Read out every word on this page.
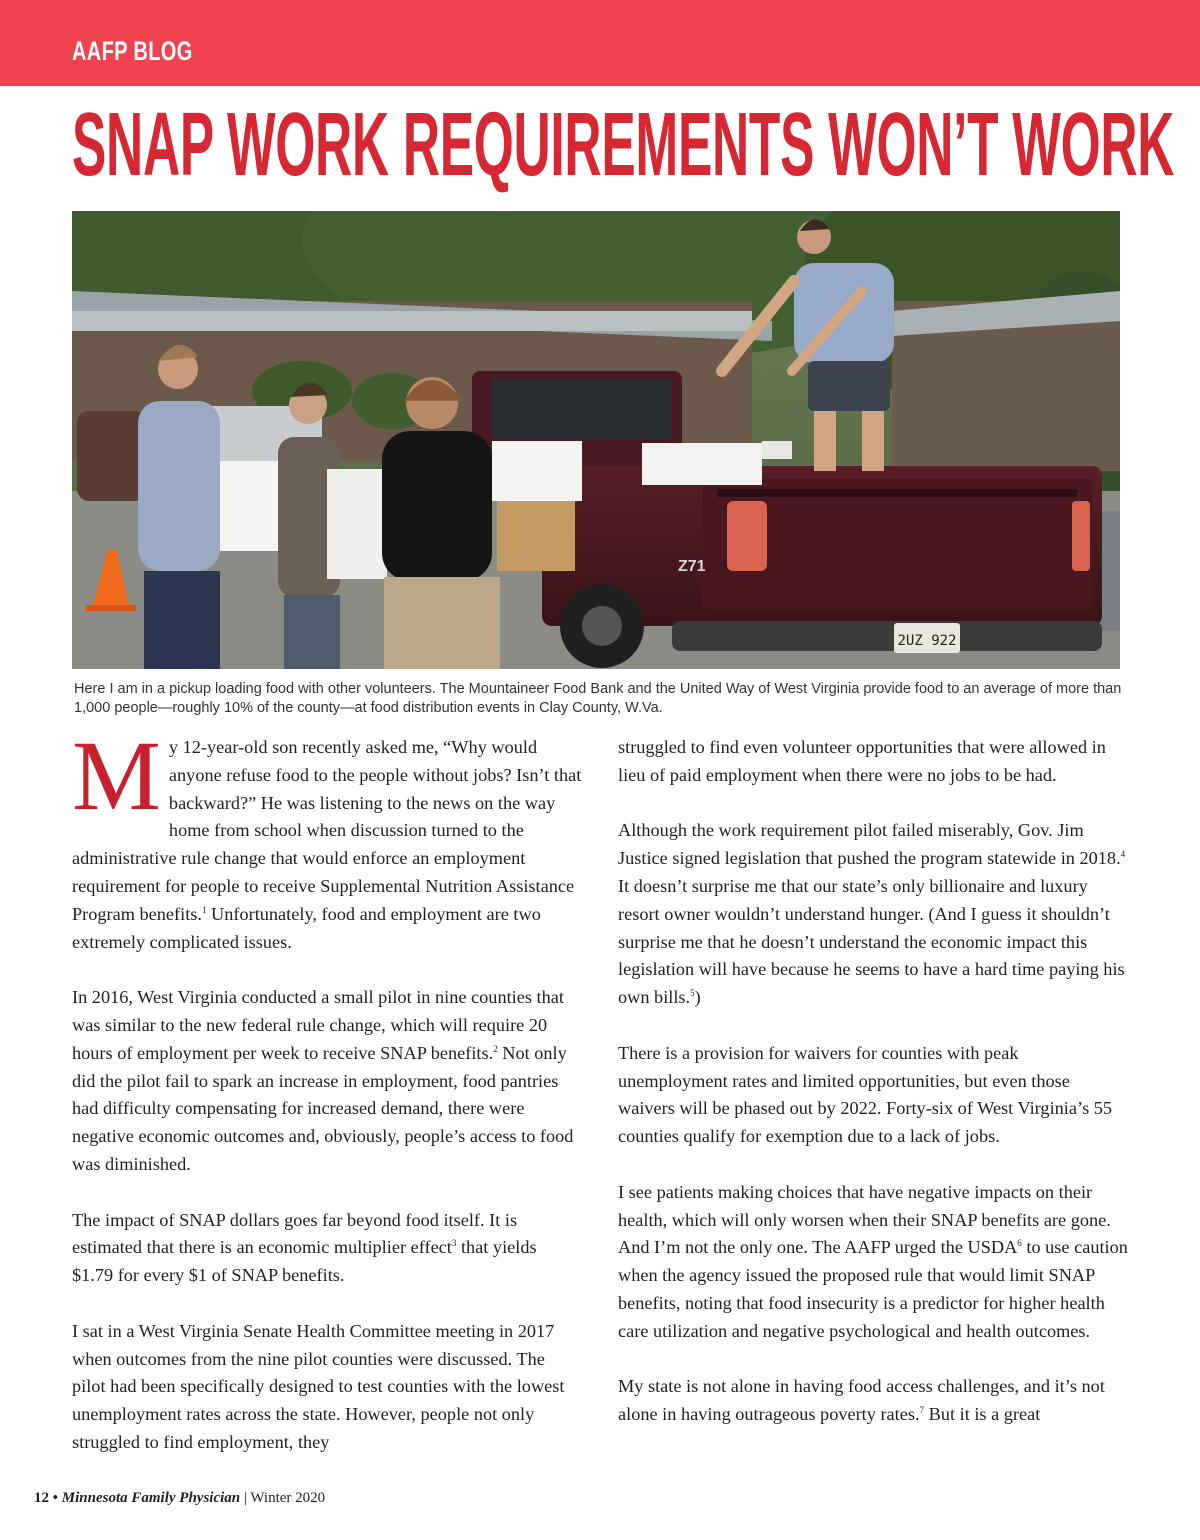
AAFP BLOG
SNAP WORK REQUIREMENTS WON’T WORK
2UZ 922
Z71
Here I am in a pickup loading food with other volunteers. The Mountaineer Food Bank and the United Way of West Virginia provide food to an average of more than 1,000 people—roughly 10% of the county—at food distribution events in Clay County, W.Va.

My 12-year-old son recently asked me, “Why would anyone refuse food to the people without jobs? Isn’t that backward?” He was listening to the news on the way home from school when discussion turned to the administrative rule change that would enforce an employment requirement for people to receive Supplemental Nutrition Assistance Program benefits.$^1$ Unfortunately, food and employment are two extremely complicated issues.

In 2016, West Virginia conducted a small pilot in nine counties that was similar to the new federal rule change, which will require 20 hours of employment per week to receive SNAP benefits.$^2$ Not only did the pilot fail to spark an increase in employment, food pantries had difficulty compensating for increased demand, there were negative economic outcomes and, obviously, people’s access to food was diminished.

The impact of SNAP dollars goes far beyond food itself. It is estimated that there is an economic multiplier effect$^3$ that yields $1.79 for every $1 of SNAP benefits.

I sat in a West Virginia Senate Health Committee meeting in 2017 when outcomes from the nine pilot counties were discussed. The pilot had been specifically designed to test counties with the lowest unemployment rates across the state. However, people not only struggled to find employment, they

struggled to find even volunteer opportunities that were allowed in lieu of paid employment when there were no jobs to be had.

Although the work requirement pilot failed miserably, Gov. Jim Justice signed legislation that pushed the program statewide in 2018.$^4$ It doesn’t surprise me that our state’s only billionaire and luxury resort owner wouldn’t understand hunger. (And I guess it shouldn’t surprise me that he doesn’t understand the economic impact this legislation will have because he seems to have a hard time paying his own bills.$^5$)

There is a provision for waivers for counties with peak unemployment rates and limited opportunities, but even those waivers will be phased out by 2022. Forty-six of West Virginia’s 55 counties qualify for exemption due to a lack of jobs.

I see patients making choices that have negative impacts on their health, which will only worsen when their SNAP benefits are gone. And I’m not the only one. The AAFP urged the USDA$^6$ to use caution when the agency issued the proposed rule that would limit SNAP benefits, noting that food insecurity is a predictor for higher health care utilization and negative psychological and health outcomes.

My state is not alone in having food access challenges, and it’s not alone in having outrageous poverty rates.$^7$ But it is a great

12 • Minnesota Family Physician | Winter 2020
